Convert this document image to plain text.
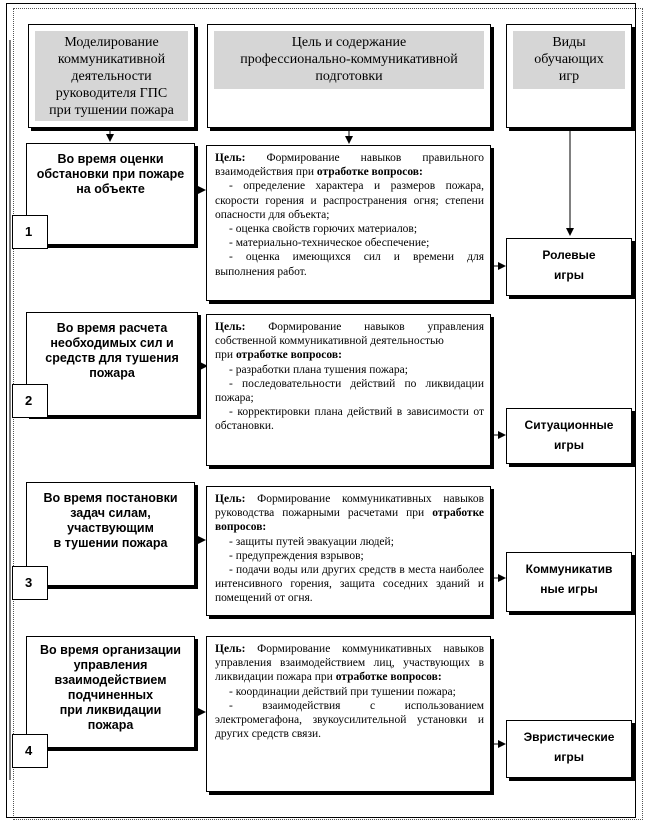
Моделирование
коммуникативной
деятельности
руководителя ГПС
при тушении пожара
Цель и содержание
профессионально-коммуникативной
подготовки
Виды
обучающих
игр
Во время оценки
обстановки при пожаре
на объекте
1
Цель: Формирование навыков правильного взаимодействия при отработке вопросов:
- определение характера и размеров пожара, скорости горения и распространения огня; степени опасности для объекта;
- оценка свойств горючих материалов;
- материально-техническое обеспечение;
- оценка имеющихся сил и времени для выполнения работ.
Ролевые
игры
Во время расчета
необходимых сил и
средств для тушения
пожара
2
Цель: Формирование навыков управления собственной коммуникативной деятельностью
при отработке вопросов:
- разработки плана тушения пожара;
- последовательности действий по ликвидации пожара;
- корректировки плана действий в зависимости от обстановки.	Ситуационные
игры
Во время постановки
задач силам,
участвующим
в тушении пожара
3
Цель: Формирование коммуникативных навыков руководства пожарными расчетами при отработке вопросов:
- защиты путей эвакуации людей;
- предупреждения взрывов;
- подачи воды или других средств в места наиболее интенсивного горения, защита соседних зданий и помещений от огня.
Коммуникатив
ные игры
Во время организации
управления
взаимодействием
подчиненных
при ликвидации
пожара
4
Цель: Формирование коммуникативных навыков управления взаимодействием лиц, участвующих в ликвидации пожара при отработке вопросов:
- координации действий при тушении пожара;
- взаимодействия с использованием электромегафона, звукоусилительной установки и других средств связи.	Эвристические
игры
